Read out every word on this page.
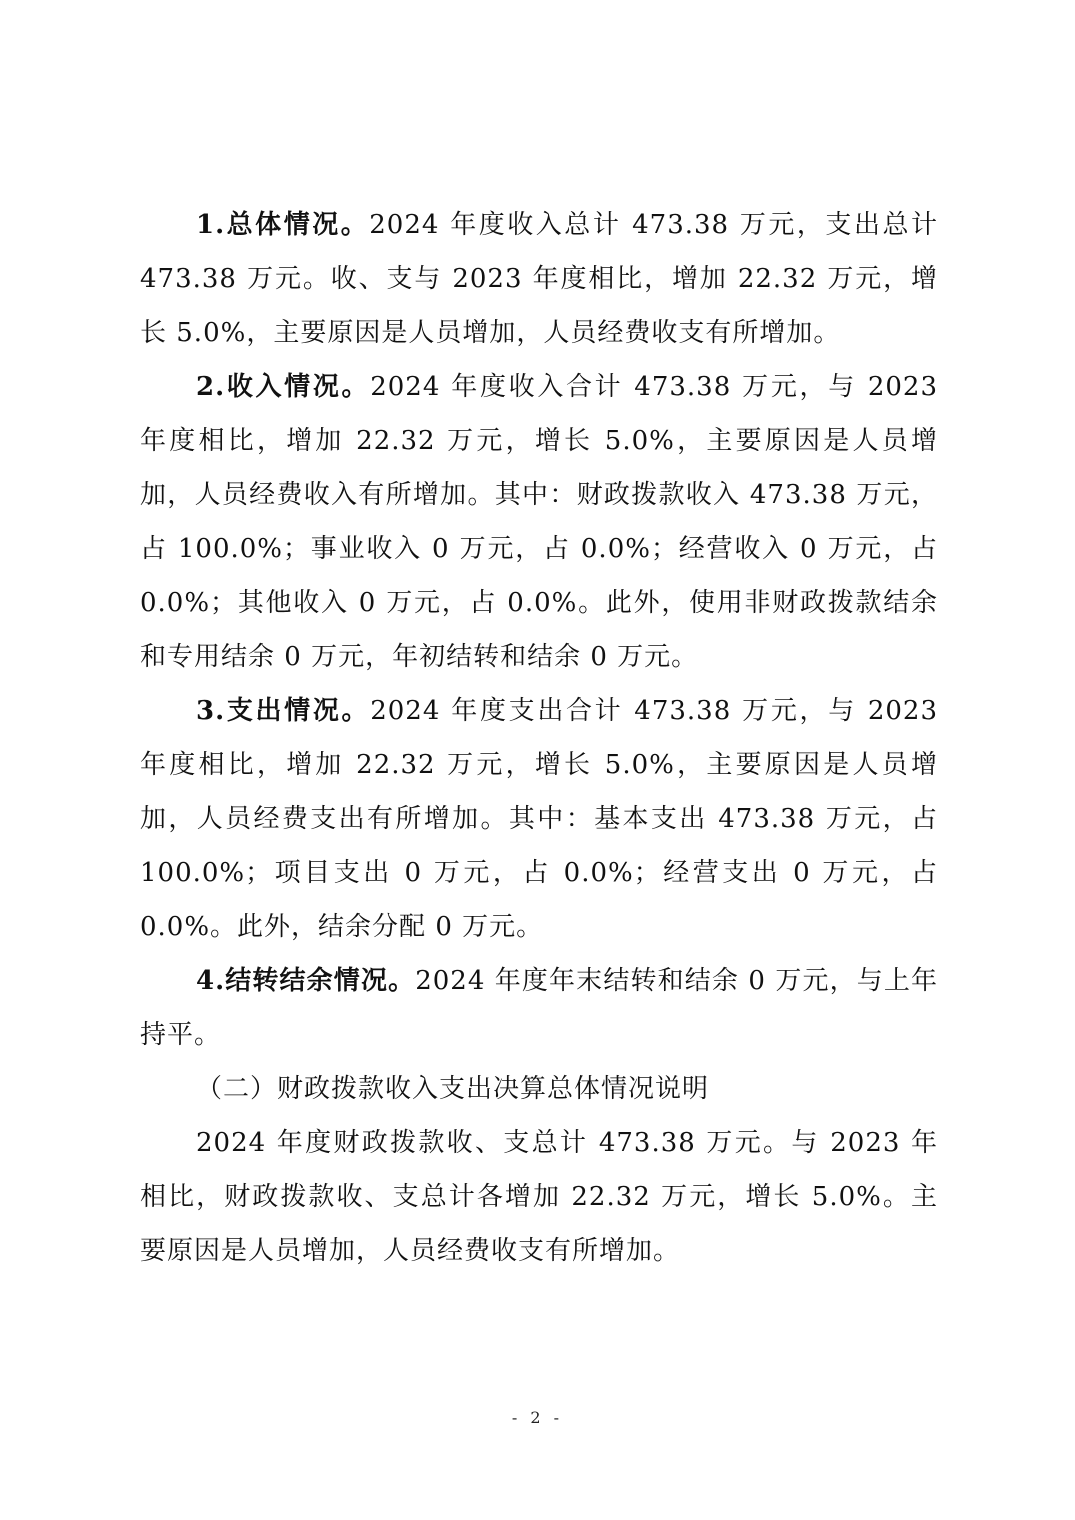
1.总体情况。2024 年度收入总计 473.38 万元，支出总计 473.38 万元。收、支与 2023 年度相比，增加 22.32 万元，增长 5.0%，主要原因是人员增加，人员经费收支有所增加。

2.收入情况。2024 年度收入合计 473.38 万元，与 2023 年度相比，增加 22.32 万元，增长 5.0%，主要原因是人员增加，人员经费收入有所增加。其中：财政拨款收入 473.38 万元，占 100.0%；事业收入 0 万元，占 0.0%；经营收入 0 万元，占 0.0%；其他收入 0 万元，占 0.0%。此外，使用非财政拨款结余和专用结余 0 万元，年初结转和结余 0 万元。

3.支出情况。2024 年度支出合计 473.38 万元，与 2023 年度相比，增加 22.32 万元，增长 5.0%，主要原因是人员增加，人员经费支出有所增加。其中：基本支出 473.38 万元，占 100.0%；项目支出 0 万元，占 0.0%；经营支出 0 万元，占 0.0%。此外，结余分配 0 万元。

4.结转结余情况。2024 年度年末结转和结余 0 万元，与上年持平。

（二）财政拨款收入支出决算总体情况说明

2024 年度财政拨款收、支总计 473.38 万元。与 2023 年相比，财政拨款收、支总计各增加 22.32 万元，增长 5.0%。主要原因是人员增加，人员经费收支有所增加。

- 2 -
